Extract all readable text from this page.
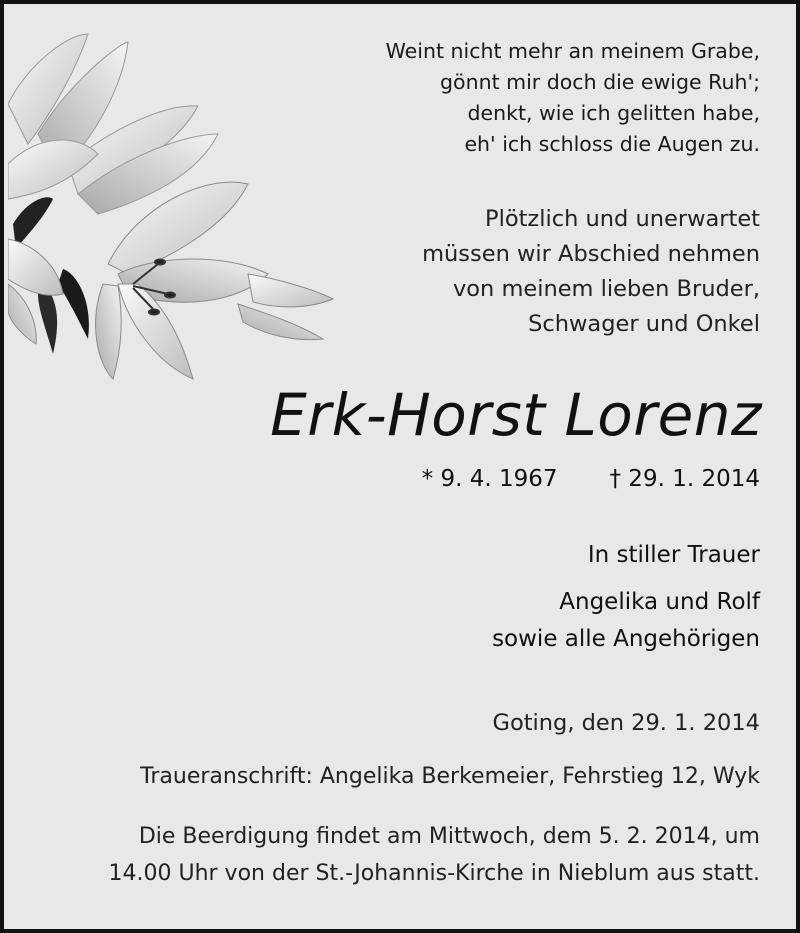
Weint nicht mehr an meinem Grabe,
gönnt mir doch die ewige Ruh';
denkt, wie ich gelitten habe,
eh' ich schloss die Augen zu.
Plötzlich und unerwartet
müssen wir Abschied nehmen
von meinem lieben Bruder,
Schwager und Onkel
Erk-Horst Lorenz
* 9. 4. 1967 † 29. 1. 2014
In stiller Trauer
Angelika und Rolf
sowie alle Angehörigen
Goting, den 29. 1. 2014
Traueranschrift: Angelika Berkemeier, Fehrstieg 12, Wyk
Die Beerdigung findet am Mittwoch, dem 5. 2. 2014, um
14.00 Uhr von der St.-Johannis-Kirche in Nieblum aus statt.
